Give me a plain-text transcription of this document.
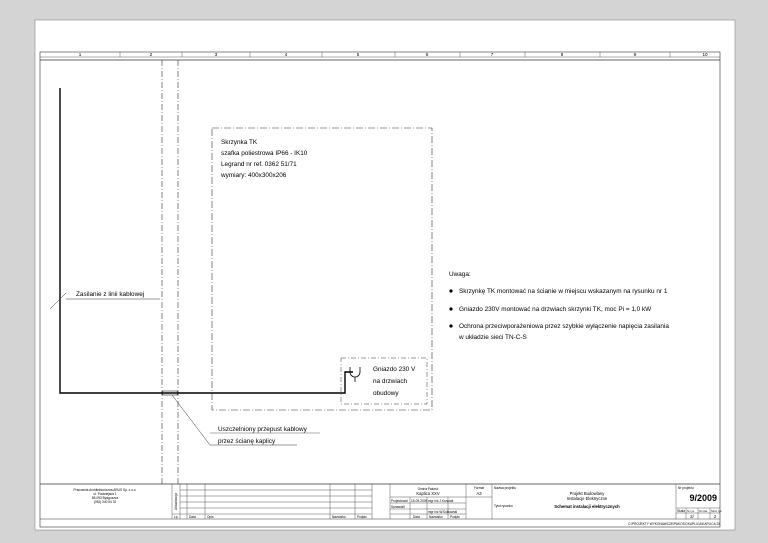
1	2	3	4	5	6	7	8	9	10
Zasilanie z linii kablowej
Uszczelniony przepust kablowy
przez ścianę kaplicy
Skrzynka TK
szafka poliestrowa IP66 - IK10
Legrand nr ref. 0362 51/71
wymiary: 400x300x206
Gniazdo 230 V
na drzwiach
obudowy
Uwaga:
Skrzynkę TK montować na ścianie w miejscu wskazanym na rysunku nr 1
Gniazdo 230V montować na drzwiach skrzynki TK, moc Pi = 1,0 kW
Ochrona przeciwporażeniowa przez szybkie wyłączenie napięcia zasilania
w układzie sieci TN-C-S
Pracownia Architektoniczna ARUS Sp. z o.o.
ul. Podwiejska 1
85-093 Bydgoszcz
(052) 340 54 32	Aktualizacja
Lp.	Data	Opis	Nazwisko	Podpis
Gmina Pakość
Kaplica XXV
Projektował 15-09-2009 mgr inż.J.Kurczak
Sprawdził
mgr inż.W.Sołkowski
Data	Nazwisko Podpis
Format
A3
Nazwa projektu
Tytuł rysunku
Projekt Budowlany
Instalacje Elektryczne
Schemat instalacji elektrycznych
Nr projektu
9/2009
Skala Nr rys. Nr rewi. Stron rys.
2/	2
C:\PROJEKTY WYKONAWCZE\PAKOSC\KAPLICA\KAPLICA 25
